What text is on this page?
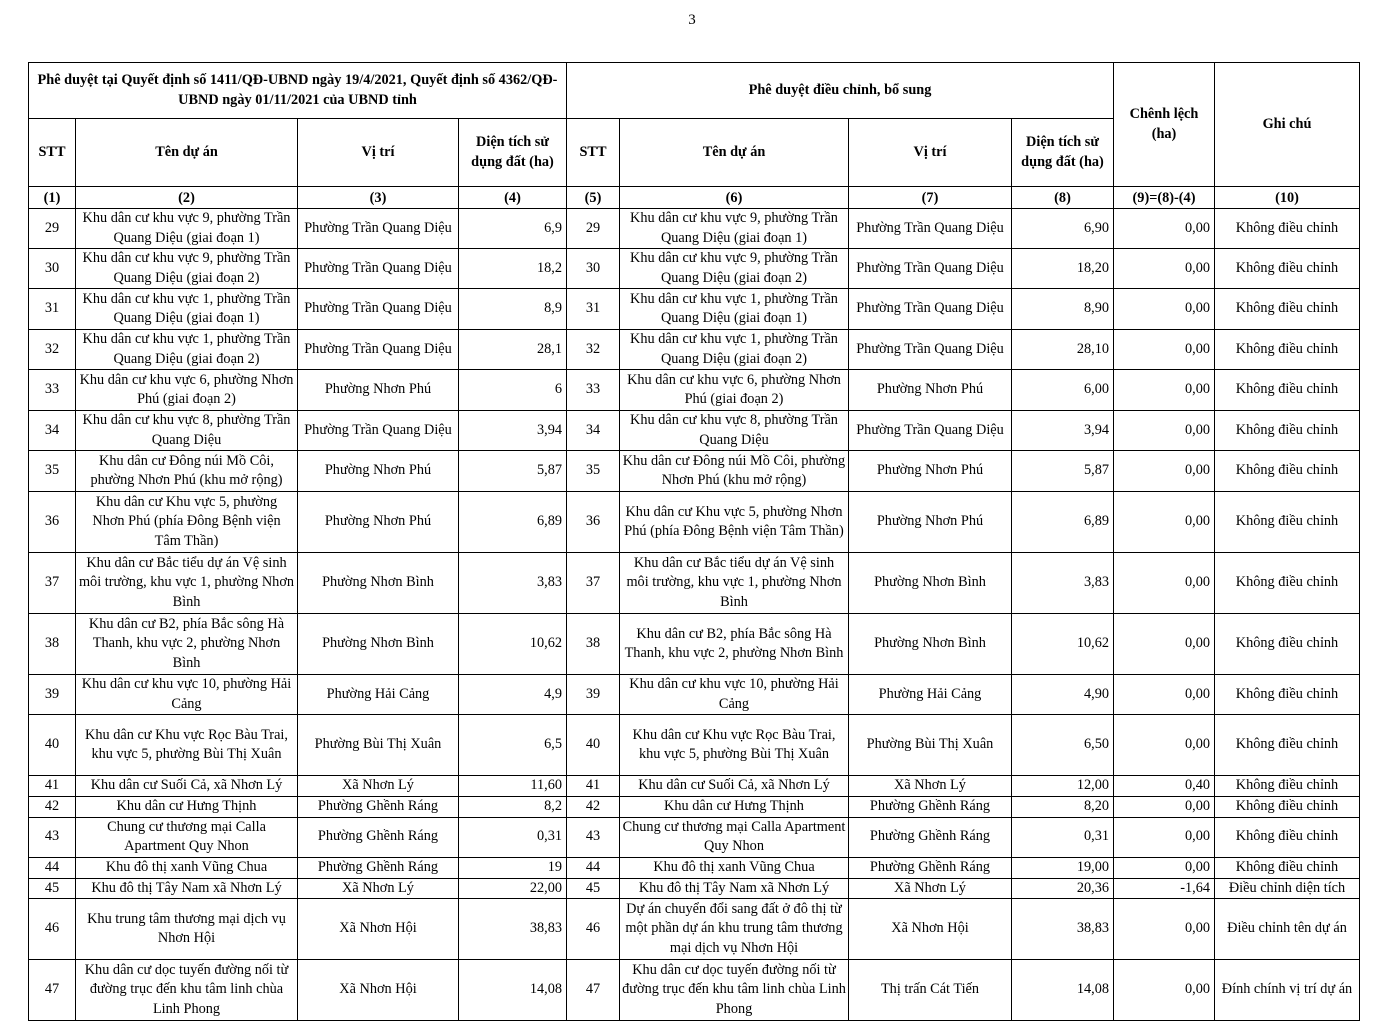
3
Phê duyệt tại Quyết định số 1411/QĐ-UBND ngày 19/4/2021, Quyết định số 4362/QĐ-UBND ngày 01/11/2021 của UBND tỉnh				Phê duyệt điều chỉnh, bổ sung				Chênh lệch (ha)	Ghi chú
STT	Tên dự án	Vị trí	Diện tích sử dụng đất (ha)	STT	Tên dự án	Vị trí	Diện tích sử dụng đất (ha)		
(1)	(2)	(3)	(4)	(5)	(6)	(7)	(8)	(9)=(8)-(4)	(10)
29	Khu dân cư khu vực 9, phường Trần Quang Diệu (giai đoạn 1)	Phường Trần Quang Diệu	6,9	29	Khu dân cư khu vực 9, phường Trần Quang Diệu (giai đoạn 1)	Phường Trần Quang Diệu	6,90	0,00	Không điều chỉnh
30	Khu dân cư khu vực 9, phường Trần Quang Diệu (giai đoạn 2)	Phường Trần Quang Diệu	18,2	30	Khu dân cư khu vực 9, phường Trần Quang Diệu (giai đoạn 2)	Phường Trần Quang Diệu	18,20	0,00	Không điều chỉnh
31	Khu dân cư khu vực 1, phường Trần Quang Diệu (giai đoạn 1)	Phường Trần Quang Diệu	8,9	31	Khu dân cư khu vực 1, phường Trần Quang Diệu (giai đoạn 1)	Phường Trần Quang Diệu	8,90	0,00	Không điều chỉnh
32	Khu dân cư khu vực 1, phường Trần Quang Diệu (giai đoạn 2)	Phường Trần Quang Diệu	28,1	32	Khu dân cư khu vực 1, phường Trần Quang Diệu (giai đoạn 2)	Phường Trần Quang Diệu	28,10	0,00	Không điều chỉnh
33	Khu dân cư khu vực 6, phường Nhơn Phú (giai đoạn 2)	Phường Nhơn Phú	6	33	Khu dân cư khu vực 6, phường Nhơn Phú (giai đoạn 2)	Phường Nhơn Phú	6,00	0,00	Không điều chỉnh
34	Khu dân cư khu vực 8, phường Trần Quang Diệu	Phường Trần Quang Diệu	3,94	34	Khu dân cư khu vực 8, phường Trần Quang Diệu	Phường Trần Quang Diệu	3,94	0,00	Không điều chỉnh
35	Khu dân cư Đông núi Mồ Côi, phường Nhơn Phú (khu mở rộng)	Phường Nhơn Phú	5,87	35	Khu dân cư Đông núi Mồ Côi, phường Nhơn Phú (khu mở rộng)	Phường Nhơn Phú	5,87	0,00	Không điều chỉnh
36	Khu dân cư Khu vực 5, phường Nhơn Phú (phía Đông Bệnh viện Tâm Thần)	Phường Nhơn Phú	6,89	36	Khu dân cư Khu vực 5, phường Nhơn Phú (phía Đông Bệnh viện Tâm Thần)	Phường Nhơn Phú	6,89	0,00	Không điều chỉnh
37	Khu dân cư Bắc tiểu dự án Vệ sinh môi trường, khu vực 1, phường Nhơn Bình	Phường Nhơn Bình	3,83	37	Khu dân cư Bắc tiểu dự án Vệ sinh môi trường, khu vực 1, phường Nhơn Bình	Phường Nhơn Bình	3,83	0,00	Không điều chỉnh
38	Khu dân cư B2, phía Bắc sông Hà Thanh, khu vực 2, phường Nhơn Bình	Phường Nhơn Bình	10,62	38	Khu dân cư B2, phía Bắc sông Hà Thanh, khu vực 2, phường Nhơn Bình	Phường Nhơn Bình	10,62	0,00	Không điều chỉnh
39	Khu dân cư khu vực 10, phường Hải Cảng	Phường Hải Cảng	4,9	39	Khu dân cư khu vực 10, phường Hải Cảng	Phường Hải Cảng	4,90	0,00	Không điều chỉnh
40	Khu dân cư Khu vực Rọc Bàu Trai, khu vực 5, phường Bùi Thị Xuân	Phường Bùi Thị Xuân	6,5	40	Khu dân cư Khu vực Rọc Bàu Trai, khu vực 5, phường Bùi Thị Xuân	Phường Bùi Thị Xuân	6,50	0,00	Không điều chỉnh
41	Khu dân cư Suối Cả, xã Nhơn Lý	Xã Nhơn Lý	11,60	41	Khu dân cư Suối Cả, xã Nhơn Lý	Xã Nhơn Lý	12,00	0,40	Không điều chỉnh
42	Khu dân cư Hưng Thịnh	Phường Ghềnh Ráng	8,2	42	Khu dân cư Hưng Thịnh	Phường Ghềnh Ráng	8,20	0,00	Không điều chỉnh
43	Chung cư thương mại Calla Apartment Quy Nhon	Phường Ghềnh Ráng	0,31	43	Chung cư thương mại Calla Apartment Quy Nhon	Phường Ghềnh Ráng	0,31	0,00	Không điều chỉnh
44	Khu đô thị xanh Vũng Chua	Phường Ghềnh Ráng	19	44	Khu đô thị xanh Vũng Chua	Phường Ghềnh Ráng	19,00	0,00	Không điều chỉnh
45	Khu đô thị Tây Nam xã Nhơn Lý	Xã Nhơn Lý	22,00	45	Khu đô thị Tây Nam xã Nhơn Lý	Xã Nhơn Lý	20,36	-1,64	Điều chỉnh diện tích
46	Khu trung tâm thương mại dịch vụ Nhơn Hội	Xã Nhơn Hội	38,83	46	Dự án chuyển đổi sang đất ở đô thị từ một phần dự án khu trung tâm thương mại dịch vụ Nhơn Hội	Xã Nhơn Hội	38,83	0,00	Điều chỉnh tên dự án
47	Khu dân cư dọc tuyến đường nối từ đường trục đến khu tâm linh chùa Linh Phong	Xã Nhơn Hội	14,08	47	Khu dân cư dọc tuyến đường nối từ đường trục đến khu tâm linh chùa Linh Phong	Thị trấn Cát Tiến	14,08	0,00	Đính chính vị trí dự án
